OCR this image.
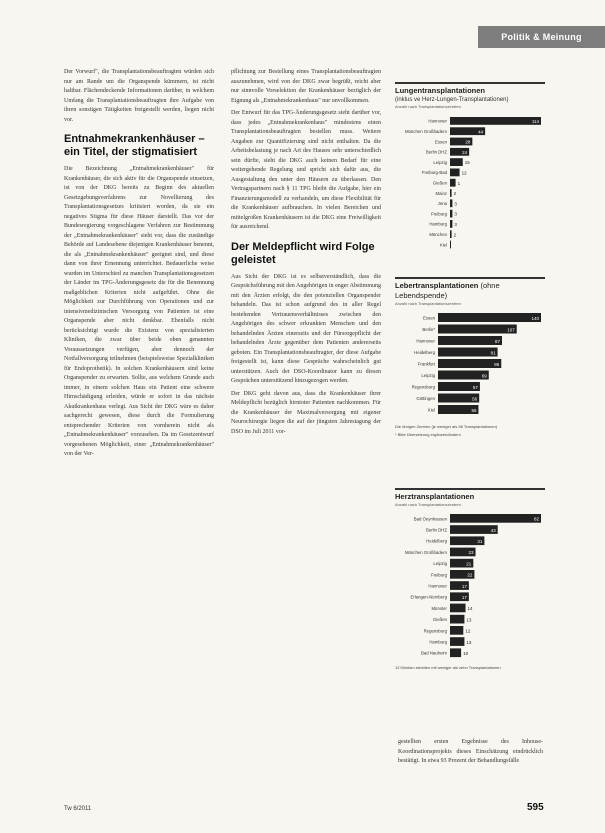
Politik & Meinung

Der Vorwurf", die Transplantationsbeauftragten würden sich nur am Rande um die Organspende kümmern, ist nicht haltbar. Flächendeckende Informationen darüber, in welchem Umfang die Transplantationsbeauftragten ihre Aufgabe von ihren sonstigen Tätigkeiten freigestellt werden, liegen nicht vor.

Entnahmekrankenhäuser – ein Titel, der stigmatisiert

Die Bezeichnung „Entnahmekrankenhäuser" für Krankenhäuser, die sich aktiv für die Organspende einsetzen, ist von der DKG bereits zu Beginn des aktuellen Gesetzgebungsverfahrens zur Novellierung des Transplantationsgesetzes kritisiert worden, da sie ein negatives Stigma für diese Häuser darstellt. Das vor der Bundesregierung vorgeschlagene Verfahren zur Bestimmung der „Entnahmekrankenhäuser" sieht vor, dass die zuständige Behörde auf Landesebene diejenigen Krankenhäuser benennt, die als „Entnahmekrankenhäuser" geeignet sind, und diese dann von ihrer Ernennung unterrichtet. Bedauerliche weise wurden im Unterschied zu manchen Transplantationsgesetzen der Länder im TPG-Änderungsgesetz die für die Benennung maßgeblichen Kriterien nicht aufgeführt. Ohne die Möglichkeit zur Durchführung von Operationen und zur intensivmedizinischen Versorgung von Patienten ist eine Organspende aber nicht denkbar. Ebenfalls nicht berücksichtigt wurde die Existenz von spezialisierten Kliniken, die zwar über beide oben genannten Voraussetzungen verfügen, aber dennoch der Notfallversorgung teilnehmen (beispielsweise Spezialkliniken für Endoprothetik). In solchen Krankenhäusern sind keine Organspender zu erwarten. Sollte, aus welchem Grunde auch immer, in einem solchen Haus ein Patient eine schwere Hirnschädigung erleiden, würde er sofort in das nächste Akutkrankenhaus verlegt. Aus Sicht der DKG wäre es daher sachgerecht gewesen, diese durch die Formulierung entsprechender Kriterien von vornherein nicht als „Entnahmekrankenhäuser" vorzusehen. Da im Gesetzentwurf vorgesehenen Möglichkeit, einer „Entnahmekrankenhäuser" von der Ver-

pflichtung zur Bestellung eines Transplantationsbeauftragten auszunehmen, wird von der DKG zwar begrüßt, reicht aber nur sinnvolle Vorselektion der Krankenhäuser bezüglich der Eignung als „Entnahmekrankenhaus" nur unvollkommen.

Der Entwurf für das TPG-Änderungsgesetz sieht darüber vor, dass jedes „Entnahmekrankenhaus" mindestens einen Transplantationsbeauftragten bestellen muss. Weitere Angaben zur Quantifizierung sind nicht enthalten. Da die Arbeitsbelastung je nach Art des Hauses sehr unterschiedlich sein dürfte, sieht die DKG auch keinen Bedarf für eine weitergehende Regelung und spricht sich dafür aus, die Ausgestaltung den unter den Häusern zu überlassen. Den Vertragspartnern nach § 11 TPG bleibt die Aufgabe, hier ein Finanzierungsmodell zu verhandeln, um diese Flexibilität für die Krankenhäuser aufbrauchen. In vielen Bereichen und mittelgroßen Krankenhäusern ist die DKG eine Freiwilligkeit für ausreichend.

Der Meldepflicht wird Folge geleistet

Aus Sicht der DKG ist es selbstverständlich, dass die Gesprächsführung mit den Angehörigen in enger Abstimmung mit den Ärzten erfolgt, die den potenziellen Organspender behandeln. Das ist schon aufgrund des in aller Regel bestehenden Vertrauensverhältnisses zwischen den Angehörigen des schwer erkrankten Menschen und den behandelnden Ärzten einerseits und der Fürsorgepflicht der behandelnden Ärzte gegenüber dem Patienten andererseits geboten. Ein Transplantationsbeauftragter, der diese Aufgabe freigestellt ist, kann diese Gespräche wahrscheinlich gut unterstützen. Auch der DSO-Koordinator kann zu diesen Gesprächen unterstützend hinzugezogen werden.

Der DKG geht davon aus, dass die Krankenhäuser ihrer Meldepflicht bezüglich hirntoter Patienten nachkommen. Für die Krankenhäuser der Maximalversorgung mit eigener Neurochirurgie liegen die auf der jüngsten Jahrestagung der DSO im Juli 2011 vor-

gestellten ersten Ergebnisse des Inhouse-Koordinationsprojekts dieses Einschätzung eindrücklich bestätigt. In etwa 93 Prozent der Behandlungsfälle

Lungentransplantationen
(inklus ve Herz-Lungen-Transplantationen)
Anzahl nach Transplantationszentren
Hannover	114
München Großhadern	44
Essen	28
Berlin DHZ	24
Leipzig	15
Freiburg-Bad	12
Gießen 1
Mainz 2
Jena 3
Freiburg 3
Hamburg 3
München 2
Kiel
Lebertransplantationen (ohne Lebendspende)
Anzahl nach Transplantationszentren
Essen	140
Berlin*	107
Hannover	87
Heidelberg	81
Frankfurt	86
Leipzig	69
Regensburg	57
Göttingen	56
Kiel	55
Die übrigen Zentren (je weniger als 96 Transplantationen)
* Bitte Übersetzung ergänzen/ändern
Herztransplantationen
Anzahl nach Transplantationszentren
Bad Oeynhausen	82
Berlin DHZ	43
Heidelberg	31
München Großhadern	23
Leipzig	21
Freiburg	22
Hannover	17
Erlangen-Nürnberg	17
Münster	14
Gießen	13
Regensburg	12
Hamburg	13
Bad Nauheim	10
12 Kliniken arbeiten mit weniger als zehn Transplantationen
Tw 6/2011	595
